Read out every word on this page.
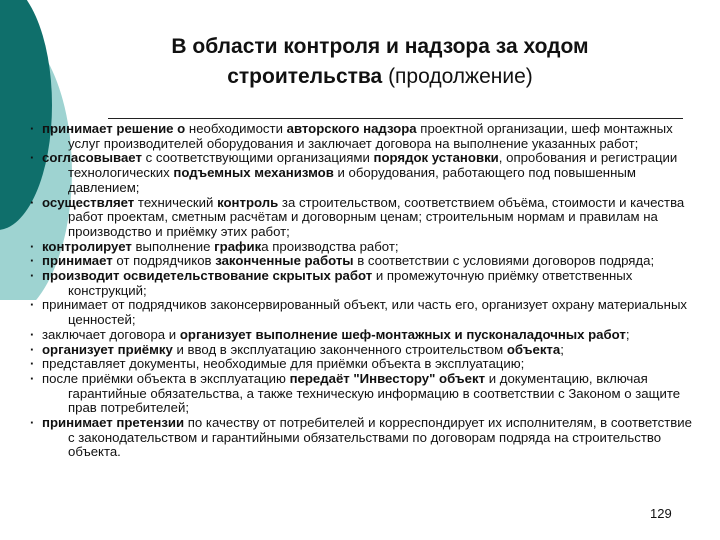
В области контроля и надзора за ходом
строительства (продолжение)
· принимает решение о необходимости авторского надзора проектной организации, шеф монтажных услуг производителей оборудования и заключает договора на выполнение указанных работ;
· согласовывает с соответствующими организациями порядок установки, опробования и регистрации технологических подъемных механизмов и оборудования, работающего под повышенным давлением;
· осуществляет технический контроль за строительством, соответствием объёма, стоимости и качества работ проектам, сметным расчётам и договорным ценам; строительным нормам и правилам на производство и приёмку этих работ;
· контролирует выполнение графика производства работ;
· принимает от подрядчиков законченные работы в соответствии с условиями договоров подряда;
· производит освидетельствование скрытых работ и промежуточную приёмку ответственных конструкций;
· принимает от подрядчиков законсервированный объект, или часть его, организует охрану материальных ценностей;
· заключает договора и организует выполнение шеф-монтажных и пусконаладочных работ;
· организует приёмку и ввод в эксплуатацию законченного строительством объекта;
· представляет документы, необходимые для приёмки объекта в эксплуатацию;
· после приёмки объекта в эксплуатацию передаёт "Инвестору" объект и документацию, включая гарантийные обязательства, а также техническую информацию в соответствии с Законом о защите прав потребителей;
· принимает претензии по качеству от потребителей и корреспондирует их исполнителям, в соответствие с законодательством и гарантийными обязательствами по договорам подряда на строительство объекта.
129
